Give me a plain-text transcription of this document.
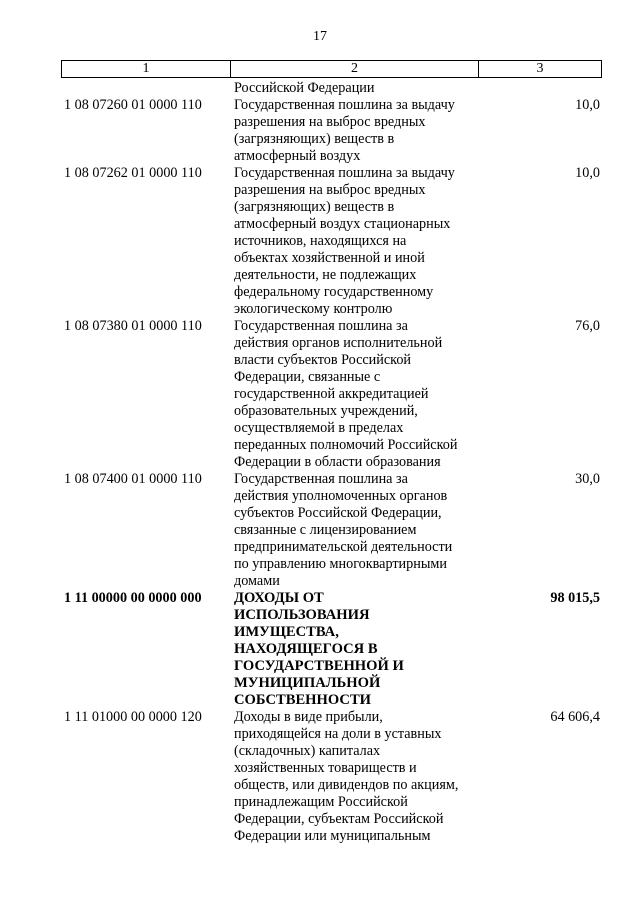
17
1	2	3
Российской Федерации
1 08 07260 01 0000 110	Государственная пошлина за выдачу
разрешения на выброс вредных
(загрязняющих) веществ в
атмосферный воздух
10,0
1 08 07262 01 0000 110	Государственная пошлина за выдачу
разрешения на выброс вредных
(загрязняющих) веществ в
атмосферный воздух стационарных
источников, находящихся на
объектах хозяйственной и иной
деятельности, не подлежащих
федеральному государственному
экологическому контролю
10,0
1 08 07380 01 0000 110	Государственная пошлина за
действия органов исполнительной
власти субъектов Российской
Федерации, связанные с
государственной аккредитацией
образовательных учреждений,
осуществляемой в пределах
переданных полномочий Российской
Федерации в области образования
76,0
1 08 07400 01 0000 110	Государственная пошлина за
действия уполномоченных органов
субъектов Российской Федерации,
связанные с лицензированием
предпринимательской деятельности
по управлению многоквартирными
домами
30,0
1 11 00000 00 0000 000	ДОХОДЫ ОТ
ИСПОЛЬЗОВАНИЯ
ИМУЩЕСТВА,
НАХОДЯЩЕГОСЯ В
ГОСУДАРСТВЕННОЙ И
МУНИЦИПАЛЬНОЙ
СОБСТВЕННОСТИ
98 015,5
1 11 01000 00 0000 120	Доходы в виде прибыли,
приходящейся на доли в уставных
(складочных) капиталах
хозяйственных товариществ и
обществ, или дивидендов по акциям,
принадлежащим Российской
Федерации, субъектам Российской
Федерации или муниципальным
64 606,4
